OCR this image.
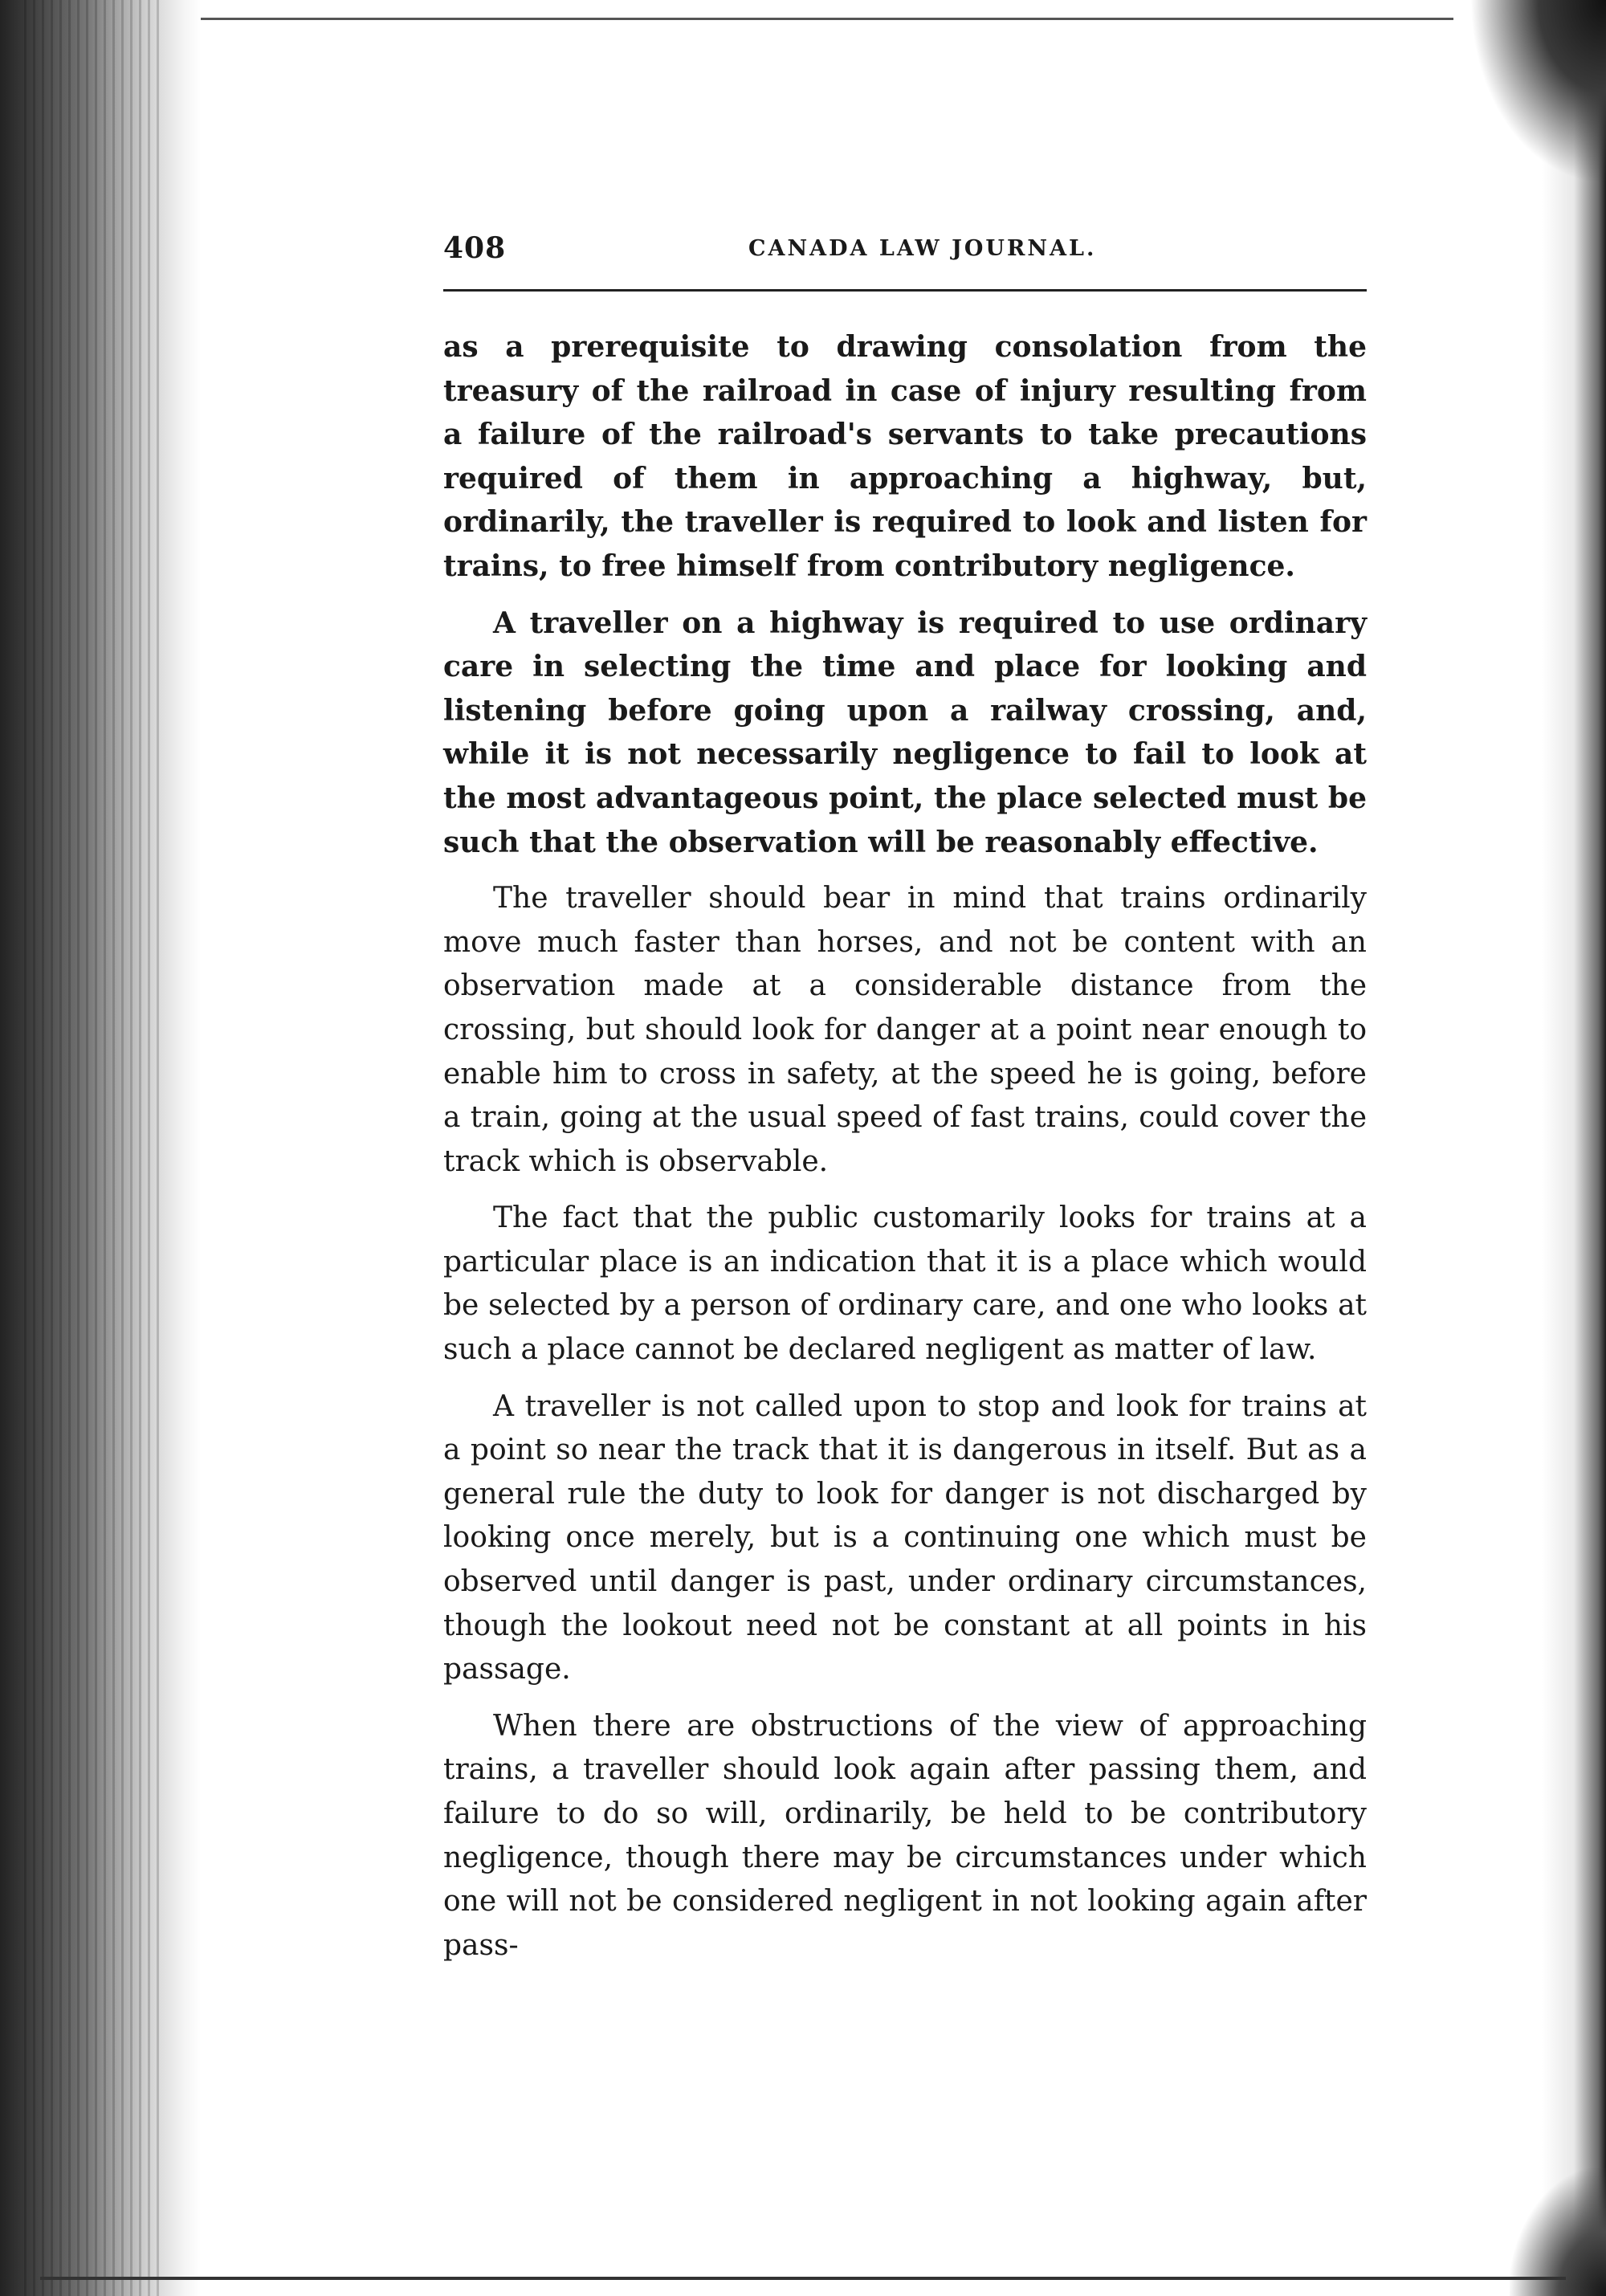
408	CANADA LAW JOURNAL.

as a prerequisite to drawing consolation from the treasury of the railroad in case of injury resulting from a failure of the railroad's servants to take precautions required of them in approaching a highway, but, ordinarily, the traveller is required to look and listen for trains, to free himself from contributory negligence.

A traveller on a highway is required to use ordinary care in selecting the time and place for looking and listening before going upon a railway crossing, and, while it is not necessarily negligence to fail to look at the most advantageous point, the place selected must be such that the observation will be reasonably effective.

The traveller should bear in mind that trains ordinarily move much faster than horses, and not be content with an observation made at a considerable distance from the crossing, but should look for danger at a point near enough to enable him to cross in safety, at the speed he is going, before a train, going at the usual speed of fast trains, could cover the track which is observable.

The fact that the public customarily looks for trains at a particular place is an indication that it is a place which would be selected by a person of ordinary care, and one who looks at such a place cannot be declared negligent as matter of law.

A traveller is not called upon to stop and look for trains at a point so near the track that it is dangerous in itself. But as a general rule the duty to look for danger is not discharged by looking once merely, but is a continuing one which must be observed until danger is past, under ordinary circumstances, though the lookout need not be constant at all points in his passage.

When there are obstructions of the view of approaching trains, a traveller should look again after passing them, and failure to do so will, ordinarily, be held to be contributory negligence, though there may be circumstances under which one will not be considered negligent in not looking again after pass-
